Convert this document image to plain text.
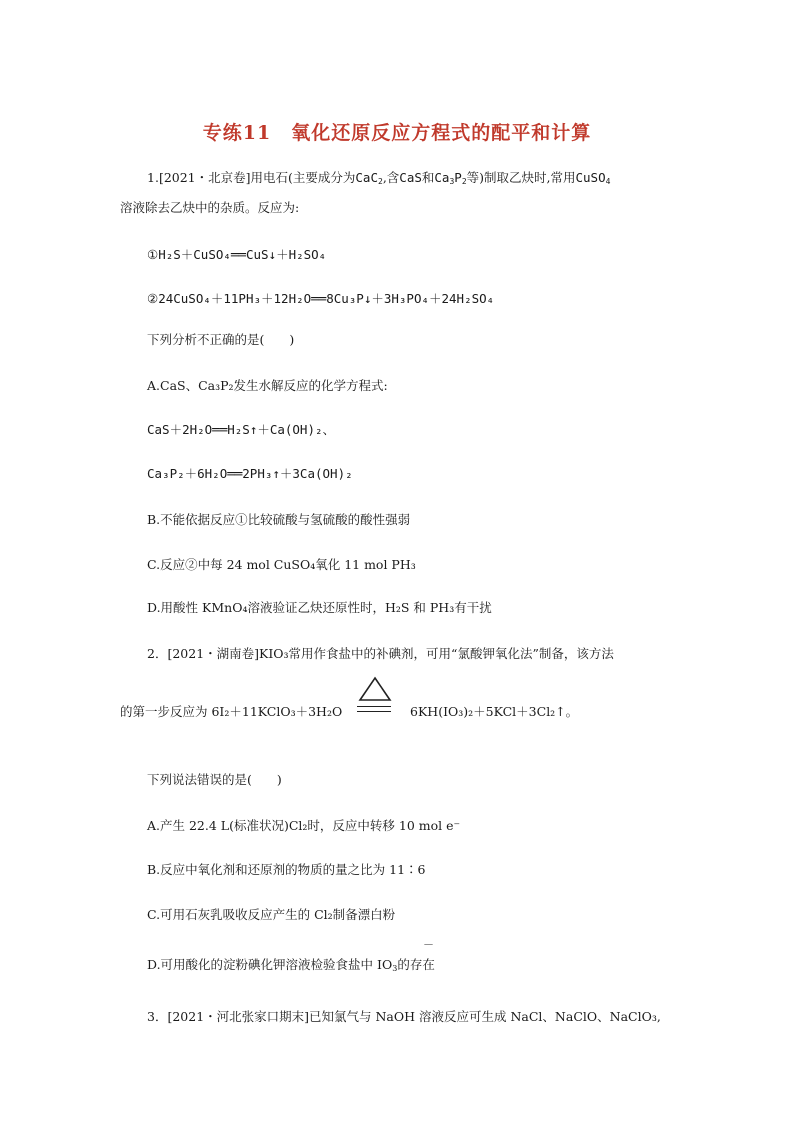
专练11　氧化还原反应方程式的配平和计算
1.[2021・北京卷]用电石(主要成分为CaC$_2$,含CaS和$Ca_3P_2$等)制取乙炔时,常用CuSO$_4$
溶液除去乙炔中的杂质。反应为:
①H₂S＋CuSO₄══CuS↓＋H₂SO₄
②24CuSO₄＋11PH₃＋12H₂O══8Cu₃P↓＋3H₃PO₄＋24H₂SO₄
下列分析不正确的是(　　)
A.CaS、Ca₃P₂发生水解反应的化学方程式:
CaS＋2H₂O══H₂S↑＋Ca(OH)₂、
Ca₃P₂＋6H₂O══2PH₃↑＋3Ca(OH)₂
B.不能依据反应①比较硫酸与氢硫酸的酸性强弱
C.反应②中每 24 mol CuSO₄氧化 11 mol PH₃
D.用酸性 KMnO₄溶液验证乙炔还原性时，H₂S 和 PH₃有干扰
2．[2021・湖南卷]KIO₃常用作食盐中的补碘剂，可用“氯酸钾氧化法”制备，该方法
的第一步反应为 6I₂＋11KClO₃＋3H₂O	6KH(IO₃)₂＋5KCl＋3Cl₂↑。
下列说法错误的是(　　)
A.产生 22.4 L(标准状况)Cl₂时，反应中转移 10 mol e⁻
B.反应中氧化剂和还原剂的物质的量之比为 11∶6
C.可用石灰乳吸收反应产生的 Cl₂制备漂白粉
D.可用酸化的淀粉碘化钾溶液检验食盐中 $IO_3$的存在
－
3．[2021・河北张家口期末]已知氯气与 NaOH 溶液反应可生成 NaCl、NaClO、NaClO₃,
